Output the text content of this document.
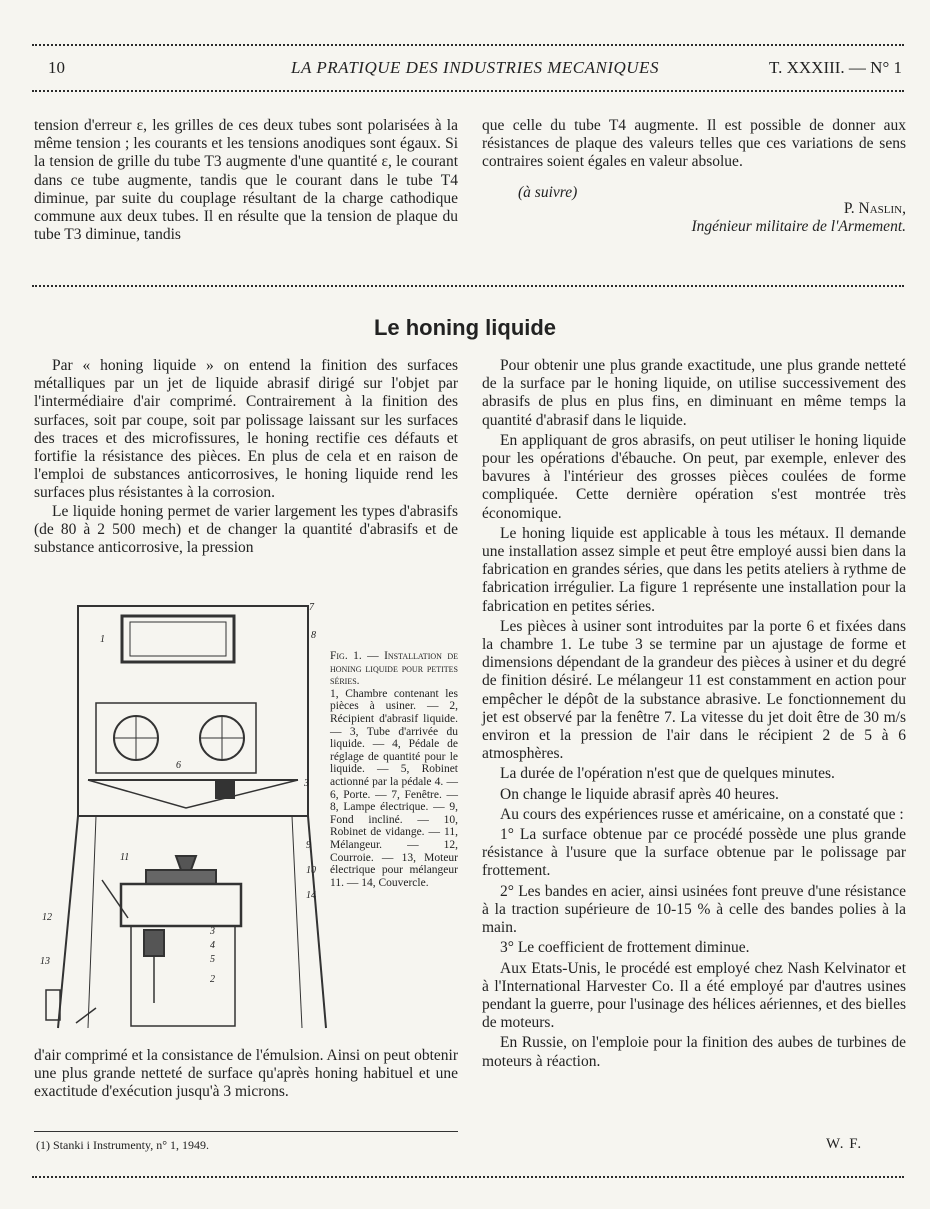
10	LA PRATIQUE DES INDUSTRIES MECANIQUES	T. XXXIII. — N° 1

tension d'erreur ε, les grilles de ces deux tubes sont polarisées à la même tension ; les courants et les tensions anodiques sont égaux. Si la tension de grille du tube T3 augmente d'une quantité ε, le courant dans ce tube augmente, tandis que le courant dans le tube T4 diminue, par suite du couplage résultant de la charge cathodique commune aux deux tubes. Il en résulte que la tension de plaque du tube T3 diminue, tandis

que celle du tube T4 augmente. Il est possible de donner aux résistances de plaque des valeurs telles que ces variations de sens contraires soient égales en valeur absolue.

(à suivre)
P. Naslin,
Ingénieur militaire de l'Armement.
Le honing liquide

Par « honing liquide » on entend la finition des surfaces métalliques par un jet de liquide abrasif dirigé sur l'objet par l'intermédiaire d'air comprimé. Contrairement à la finition des surfaces, soit par coupe, soit par polissage laissant sur les surfaces des traces et des microfissures, le honing rectifie ces défauts et fortifie la résistance des pièces. En plus de cela et en raison de l'emploi de substances anticorrosives, le honing liquide rend les surfaces plus résistantes à la corrosion.

Le liquide honing permet de varier largement les types d'abrasifs (de 80 à 2 500 mech) et de changer la quantité d'abrasifs et de substance anticorrosive, la pression

7
8
1
6
3
9
10
14
11
12
13
3
4
5
2
Fig. 1. — Installation de honing liquide pour petites séries.
1, Chambre contenant les pièces à usiner. — 2, Récipient d'abrasif liquide. — 3, Tube d'arrivée du liquide. — 4, Pédale de réglage de quantité pour le liquide. — 5, Robinet actionné par la pédale 4. — 6, Porte. — 7, Fenêtre. — 8, Lampe électrique. — 9, Fond incliné. — 10, Robinet de vidange. — 11, Mélangeur. — 12, Courroie. — 13, Moteur électrique pour mélangeur 11. — 14, Couvercle.

d'air comprimé et la consistance de l'émulsion. Ainsi on peut obtenir une plus grande netteté de surface qu'après honing habituel et une exactitude d'exécution jusqu'à 3 microns.

Pour obtenir une plus grande exactitude, une plus grande netteté de la surface par le honing liquide, on utilise successivement des abrasifs de plus en plus fins, en diminuant en même temps la quantité d'abrasif dans le liquide.

En appliquant de gros abrasifs, on peut utiliser le honing liquide pour les opérations d'ébauche. On peut, par exemple, enlever des bavures à l'intérieur des grosses pièces coulées de forme compliquée. Cette dernière opération s'est montrée très économique.

Le honing liquide est applicable à tous les métaux. Il demande une installation assez simple et peut être employé aussi bien dans la fabrication en grandes séries, que dans les petits ateliers à rythme de fabrication irrégulier. La figure 1 représente une installation pour la fabrication en petites séries.

Les pièces à usiner sont introduites par la porte 6 et fixées dans la chambre 1. Le tube 3 se termine par un ajustage de forme et dimensions dépendant de la grandeur des pièces à usiner et du degré de finition désiré. Le mélangeur 11 est constamment en action pour empêcher le dépôt de la substance abrasive. Le fonctionnement du jet est observé par la fenêtre 7. La vitesse du jet doit être de 30 m/s environ et la pression de l'air dans le récipient 2 de 5 à 6 atmosphères.

La durée de l'opération n'est que de quelques minutes.

On change le liquide abrasif après 40 heures.

Au cours des expériences russe et américaine, on a constaté que :

1° La surface obtenue par ce procédé possède une plus grande résistance à l'usure que la surface obtenue par le polissage par frottement.

2° Les bandes en acier, ainsi usinées font preuve d'une résistance à la traction supérieure de 10-15 % à celle des bandes polies à la main.

3° Le coefficient de frottement diminue.

Aux Etats-Unis, le procédé est employé chez Nash Kelvinator et à l'International Harvester Co. Il a été employé par d'autres usines pendant la guerre, pour l'usinage des hélices aériennes, et des bielles de moteurs.

En Russie, on l'emploie pour la finition des aubes de turbines de moteurs à réaction.

(1) Stanki i Instrumenty, n° 1, 1949.	W. F.
